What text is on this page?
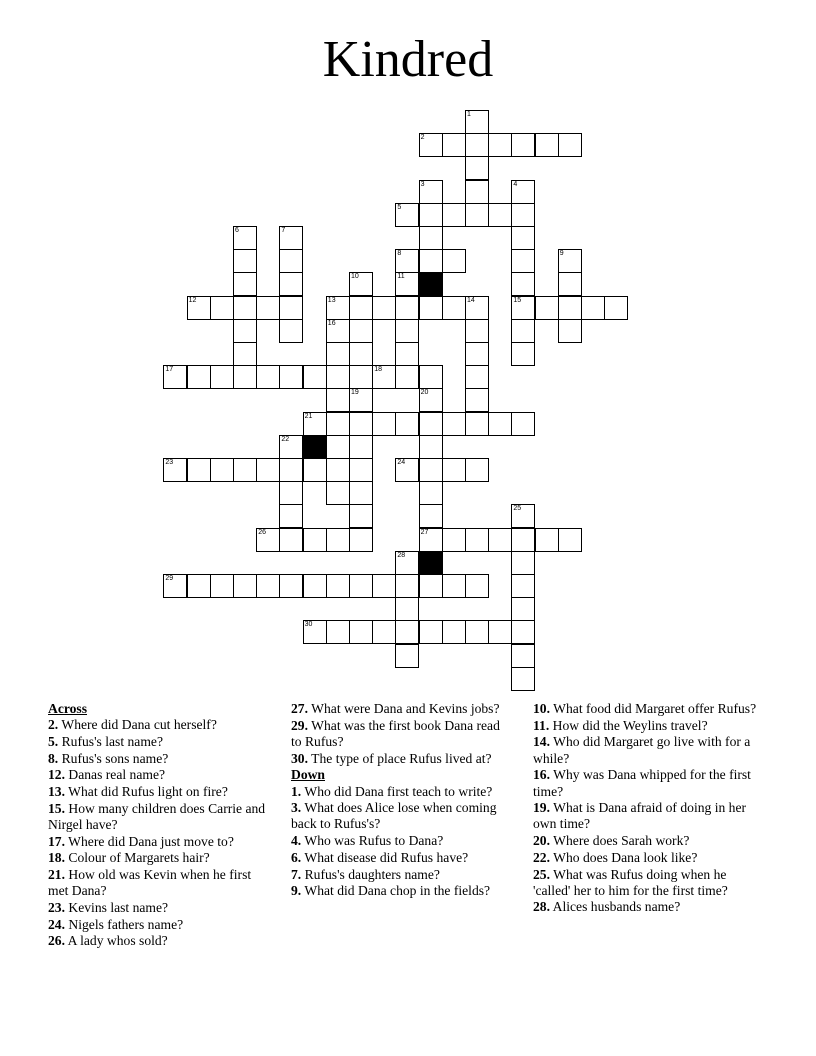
Kindred
2
5
8
12	13	15
17	18
21
23	24
26	27
29
30
1
3	4
6	7
9
10	11
14
16
19	20
22
25
28
Across
2. Where did Dana cut herself?
5. Rufus's last name?
8. Rufus's sons name?
12. Danas real name?
13. What did Rufus light on fire?
15. How many children does Carrie and Nirgel have?
17. Where did Dana just move to?
18. Colour of Margarets hair?
21. How old was Kevin when he first met Dana?
23. Kevins last name?
24. Nigels fathers name?
26. A lady whos sold?
27. What were Dana and Kevins jobs?
29. What was the first book Dana read to Rufus?
30. The type of place Rufus lived at?
Down
1. Who did Dana first teach to write?
3. What does Alice lose when coming back to Rufus's?
4. Who was Rufus to Dana?
6. What disease did Rufus have?
7. Rufus's daughters name?
9. What did Dana chop in the fields?
10. What food did Margaret offer Rufus?
11. How did the Weylins travel?
14. Who did Margaret go live with for a while?
16. Why was Dana whipped for the first time?
19. What is Dana afraid of doing in her own time?
20. Where does Sarah work?
22. Who does Dana look like?
25. What was Rufus doing when he 'called' her to him for the first time?
28. Alices husbands name?
